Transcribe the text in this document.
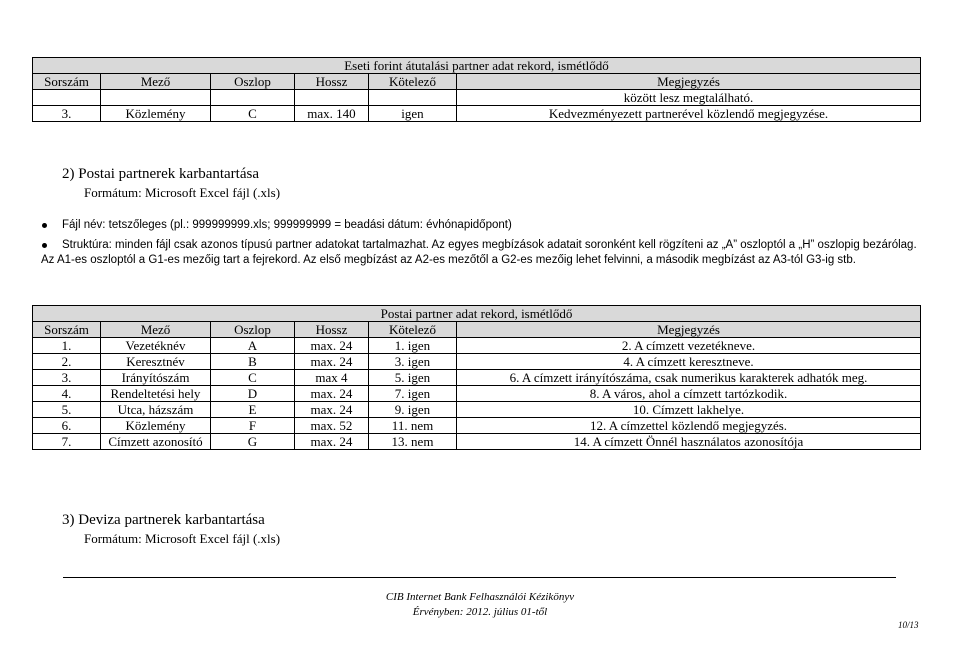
Eseti forint átutalási partner adat rekord, ismétlődő					
Sorszám	Mező	Oszlop	Hossz	Kötelező	Megjegyzés
					között lesz megtalálható.
3.	Közlemény	C	max. 140	igen	Kedvezményezett partnerével közlendő megjegyzése.
2) Postai partnerek karbantartása
Formátum: Microsoft Excel fájl (.xls)
Fájl név: tetszőleges (pl.: 999999999.xls; 999999999 = beadási dátum: évhónapidőpont)
Struktúra: minden fájl csak azonos típusú partner adatokat tartalmazhat. Az egyes megbízások adatait soronként kell rögzíteni az „A” oszloptól a „H” oszlopig bezárólag. Az A1-es oszloptól a G1-es mezőig tart a fejrekord. Az első megbízást az A2-es mezőtől a G2-es mezőig lehet felvinni, a második megbízást az A3-tól G3-ig stb.
Postai partner adat rekord, ismétlődő					
Sorszám	Mező	Oszlop	Hossz	Kötelező	Megjegyzés
1.	Vezetéknév	A	max. 24	1. igen	2. A címzett vezetékneve.
2.	Keresztnév	B	max. 24	3. igen	4. A címzett keresztneve.
3.	Irányítószám	C	max 4	5. igen	6. A címzett irányítószáma, csak numerikus karakterek adhatók meg.
4.	Rendeltetési hely	D	max. 24	7. igen	8. A város, ahol a címzett tartózkodik.
5.	Utca, házszám	E	max. 24	9. igen	10. Címzett lakhelye.
6.	Közlemény	F	max. 52	11. nem	12. A címzettel közlendő megjegyzés.
7.	Címzett azonosító	G	max. 24	13. nem	14. A címzett Önnél használatos azonosítója
3) Deviza partnerek karbantartása
Formátum: Microsoft Excel fájl (.xls)
CIB Internet Bank Felhasználói Kézikönyv
Érvényben: 2012. július 01-től
10/13
